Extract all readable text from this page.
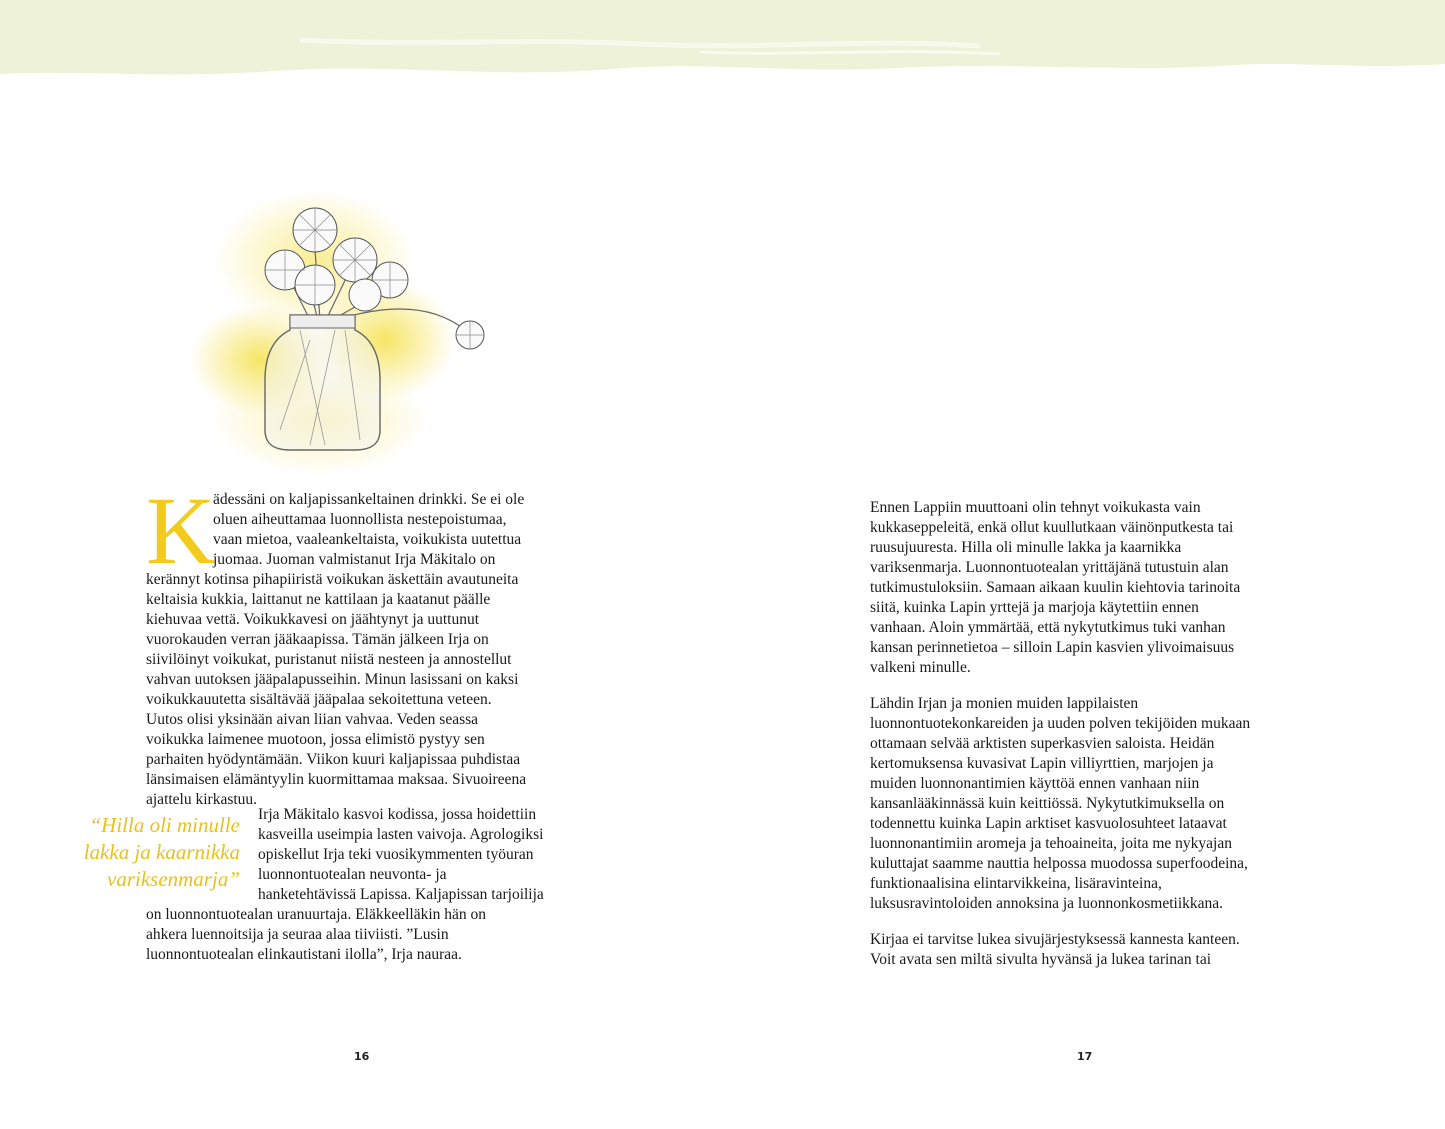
K

ädessäni on kaljapissankeltainen drinkki. Se ei ole
oluen aiheuttamaa luonnollista nestepoistumaa,
vaan mietoa, vaaleankeltaista, voikukista uutettua
juomaa. Juoman valmistanut Irja Mäkitalo on

kerännyt kotinsa pihapiiristä voikukan äskettäin avautuneita
keltaisia kukkia, laittanut ne kattilaan ja kaatanut päälle
kiehuvaa vettä. Voikukkavesi on jäähtynyt ja uuttunut
vuorokauden verran jääkaapissa. Tämän jälkeen Irja on
siivilöinyt voikukat, puristanut niistä nesteen ja annostellut
vahvan uutoksen jääpalapusseihin. Minun lasissani on kaksi
voikukkauutetta sisältävää jääpalaa sekoitettuna veteen.
Uutos olisi yksinään aivan liian vahvaa. Veden seassa
voikukka laimenee muotoon, jossa elimistö pystyy sen
parhaiten hyödyntämään. Viikon kuuri kaljapissaa puhdistaa
länsimaisen elämäntyylin kuormittamaa maksaa. Sivuoireena
ajattelu kirkastuu.

“Hilla oli minulle
lakka ja kaarnikka
variksenmarja”

Irja Mäkitalo kasvoi kodissa, jossa hoidettiin
kasveilla useimpia lasten vaivoja. Agrologiksi
opiskellut Irja teki vuosikymmenten työuran
luonnontuotealan neuvonta- ja
hanketehtävissä Lapissa. Kaljapissan tarjoilija

on luonnontuotealan uranuurtaja. Eläkkeelläkin hän on
ahkera luennoitsija ja seuraa alaa tiiviisti. ”Lusin
luonnontuotealan elinkautistani ilolla”, Irja nauraa.

Ennen Lappiin muuttoani olin tehnyt voikukasta vain
kukkaseppeleitä, enkä ollut kuullutkaan väinönputkesta tai
ruusujuuresta. Hilla oli minulle lakka ja kaarnikka
variksenmarja. Luonnontuotealan yrittäjänä tutustuin alan
tutkimustuloksiin. Samaan aikaan kuulin kiehtovia tarinoita
siitä, kuinka Lapin yrttejä ja marjoja käytettiin ennen
vanhaan. Aloin ymmärtää, että nykytutkimus tuki vanhan
kansan perinnetietoa – silloin Lapin kasvien ylivoimaisuus
valkeni minulle.

Lähdin Irjan ja monien muiden lappilaisten
luonnontuotekonkareiden ja uuden polven tekijöiden mukaan
ottamaan selvää arktisten superkasvien saloista. Heidän
kertomuksensa kuvasivat Lapin villiyrttien, marjojen ja
muiden luonnonantimien käyttöä ennen vanhaan niin
kansanlääkinnässä kuin keittiössä. Nykytutkimuksella on
todennettu kuinka Lapin arktiset kasvuolosuhteet lataavat
luonnonantimiin aromeja ja tehoaineita, joita me nykyajan
kuluttajat saamme nauttia helpossa muodossa superfoodeina,
funktionaalisina elintarvikkeina, lisäravinteina,
luksusravintoloiden annoksina ja luonnonkosmetiikkana.

Kirjaa ei tarvitse lukea sivujärjestyksessä kannesta kanteen.
Voit avata sen miltä sivulta hyvänsä ja lukea tarinan tai

16	17
